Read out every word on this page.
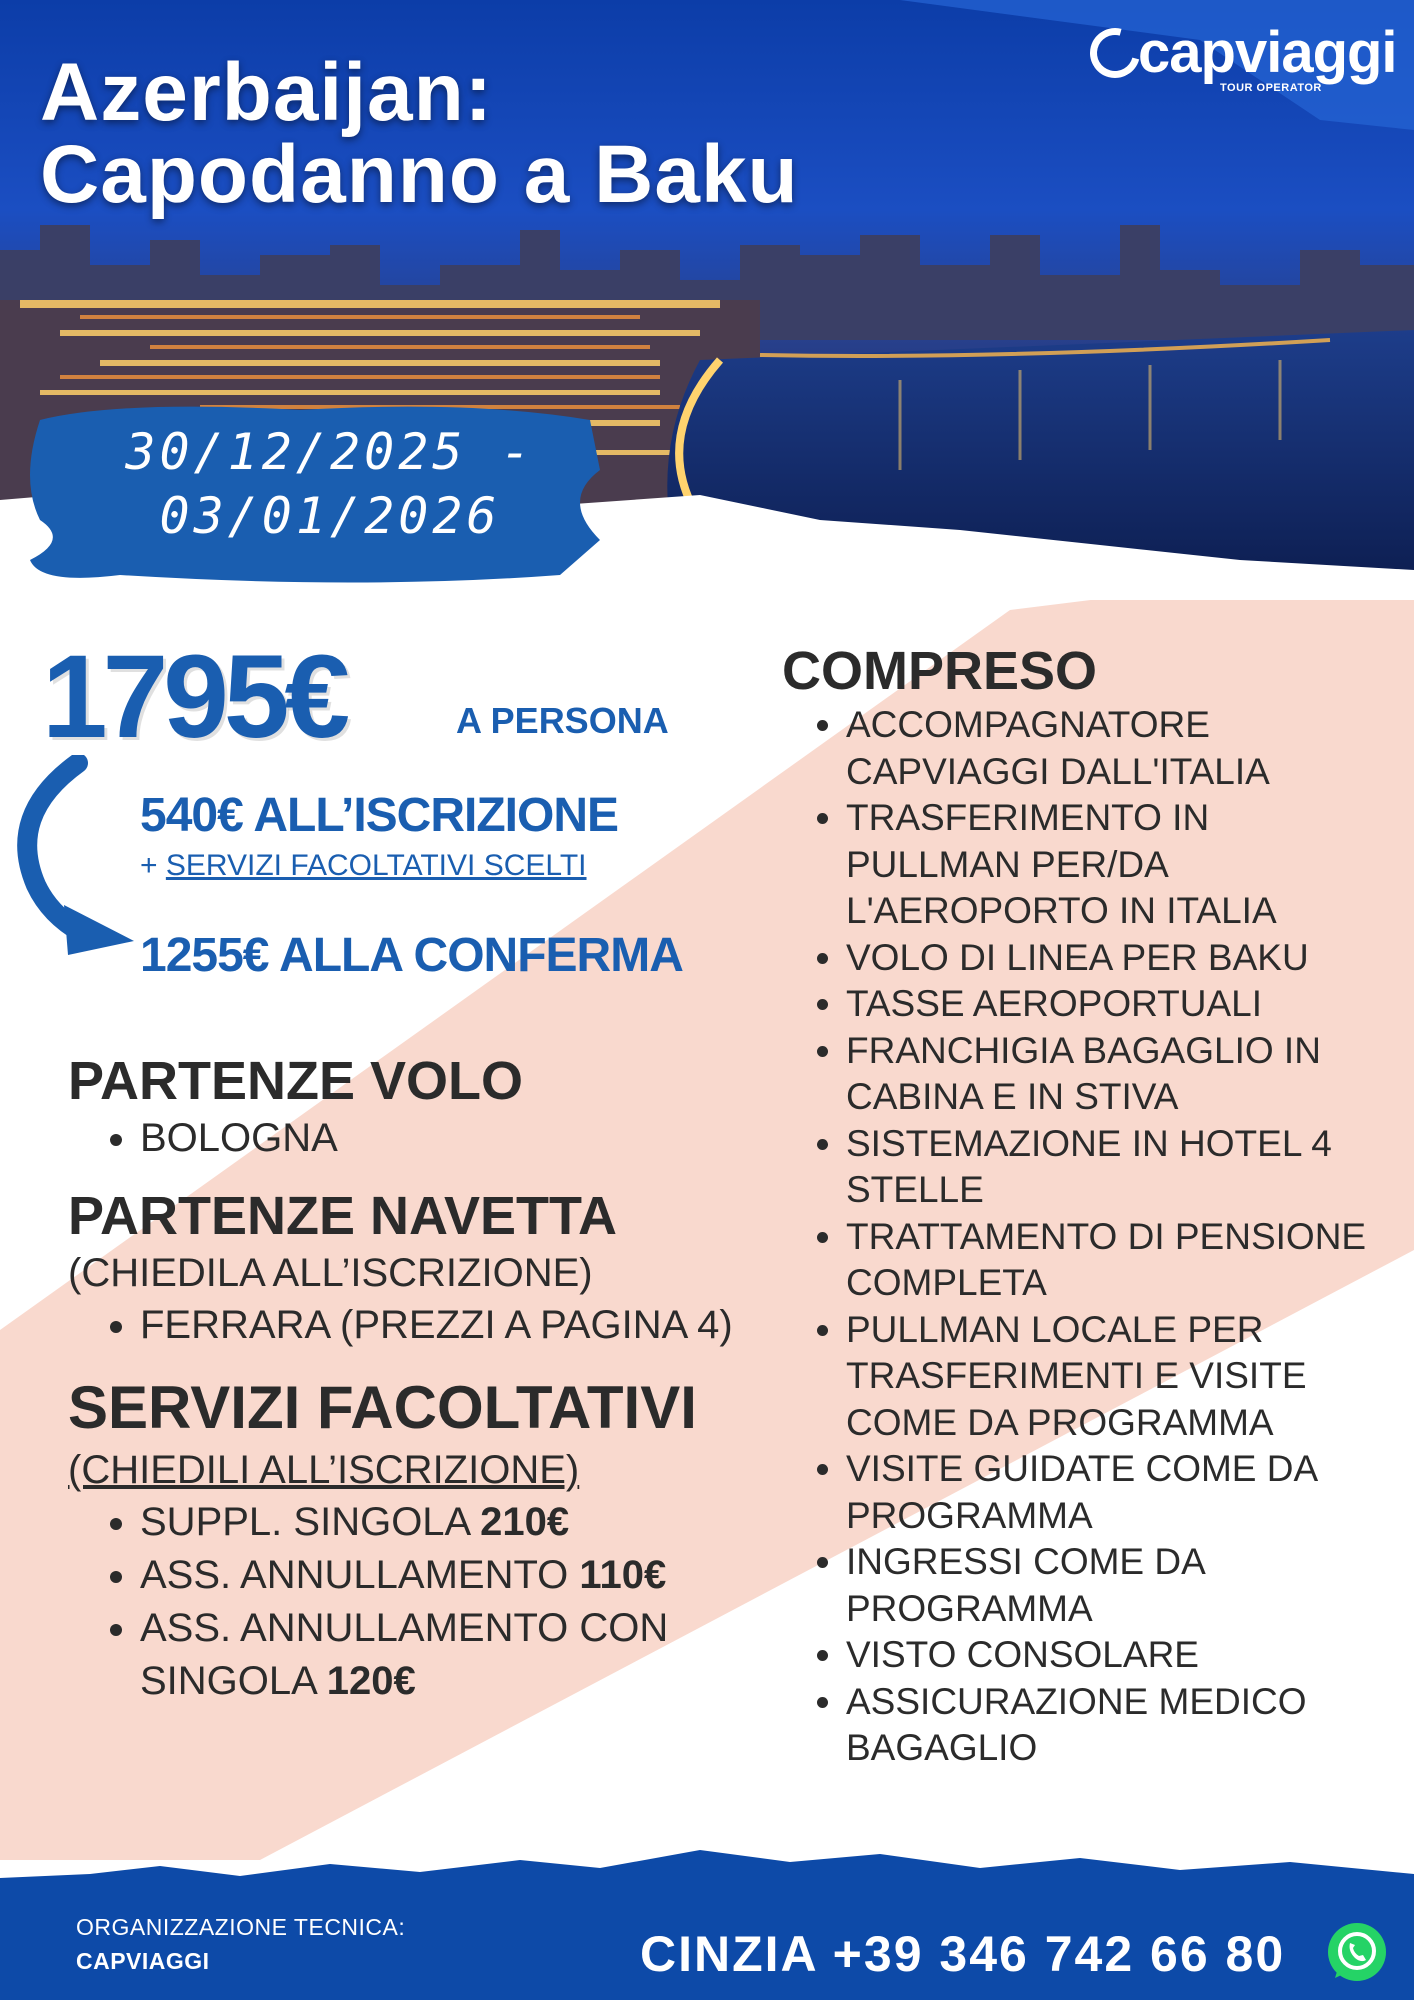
Azerbaijan:
Capodanno a Baku
capviaggi
TOUR OPERATOR
30/12/2025 -
03/01/2026

1795€	A PERSONA

540€ ALL’ISCRIZIONE

+ SERVIZI FACOLTATIVI SCELTI

1255€ ALLA CONFERMA

PARTENZE VOLO
• BOLOGNA
PARTENZE NAVETTA

(CHIEDILA ALL’ISCRIZIONE)

• FERRARA (PREZZI A PAGINA 4)
SERVIZI FACOLTATIVI

(CHIEDILI ALL’ISCRIZIONE)

• SUPPL. SINGOLA 210€
• ASS. ANNULLAMENTO 110€
• ASS. ANNULLAMENTO CON SINGOLA 120€
COMPRESO
• ACCOMPAGNATORE CAPVIAGGI DALL'ITALIA
• TRASFERIMENTO IN PULLMAN PER/DA L'AEROPORTO IN ITALIA
• VOLO DI LINEA PER BAKU
• TASSE AEROPORTUALI
• FRANCHIGIA BAGAGLIO IN CABINA E IN STIVA
• SISTEMAZIONE IN HOTEL 4 STELLE
• TRATTAMENTO DI PENSIONE COMPLETA
• PULLMAN LOCALE PER TRASFERIMENTI E VISITE COME DA PROGRAMMA
• VISITE GUIDATE COME DA PROGRAMMA
• INGRESSI COME DA PROGRAMMA
• VISTO CONSOLARE
• ASSICURAZIONE MEDICO BAGAGLIO

ORGANIZZAZIONE TECNICA:

CAPVIAGGI	CINZIA +39 346 742 66 80
